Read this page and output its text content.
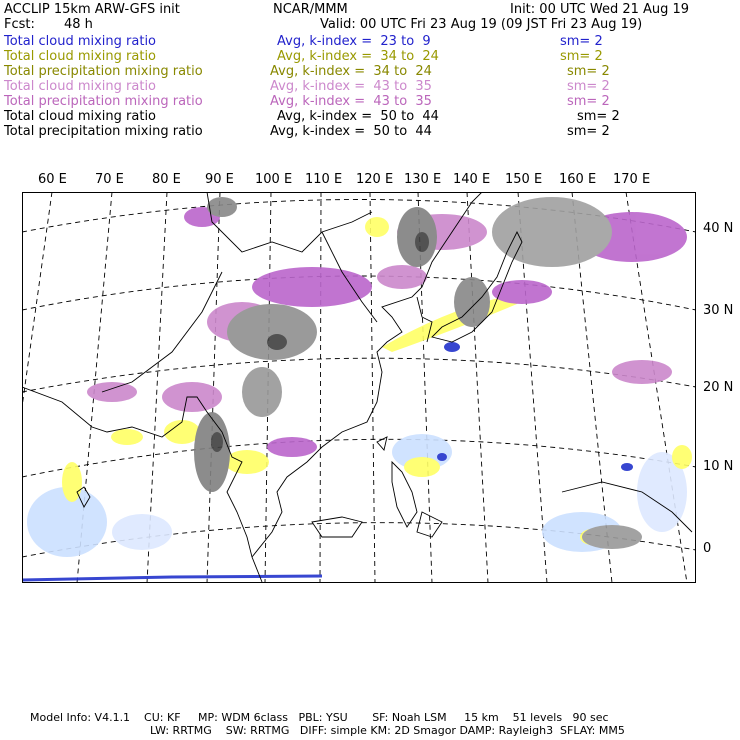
ACCLIP 15km ARW-GFS init
Fcst: 48 h
NCAR/MMM	Init: 00 UTC Wed 21 Aug 19
Valid: 00 UTC Fri 23 Aug 19 (09 JST Fri 23 Aug 19)
Total cloud mixing ratio	Avg, k-index =  23 to  9	sm= 2
Total cloud mixing ratio	Avg, k-index =  34 to  24	sm= 2
Total precipitation mixing ratio	Avg, k-index =  34 to  24	sm= 2
Total cloud mixing ratio	Avg, k-index =  43 to  35	sm= 2
Total precipitation mixing ratio	Avg, k-index =  43 to  35	sm= 2
Total cloud mixing ratio	Avg, k-index =  50 to  44	sm= 2
Total precipitation mixing ratio	Avg, k-index =  50 to  44	sm= 2
60 E 70 E 80 E 90 E 100 E 110 E 120 E 130 E 140 E 150 E 160 E 170 E
40 N
30 N
20 N
10 N
0
Model Info: V4.1.1    CU: KF     MP: WDM 6class   PBL: YSU       SF: Noah LSM     15 km    51 levels   90 sec
LW: RRTMG    SW: RRTMG   DIFF: simple KM: 2D Smagor DAMP: Rayleigh3  SFLAY: MM5
